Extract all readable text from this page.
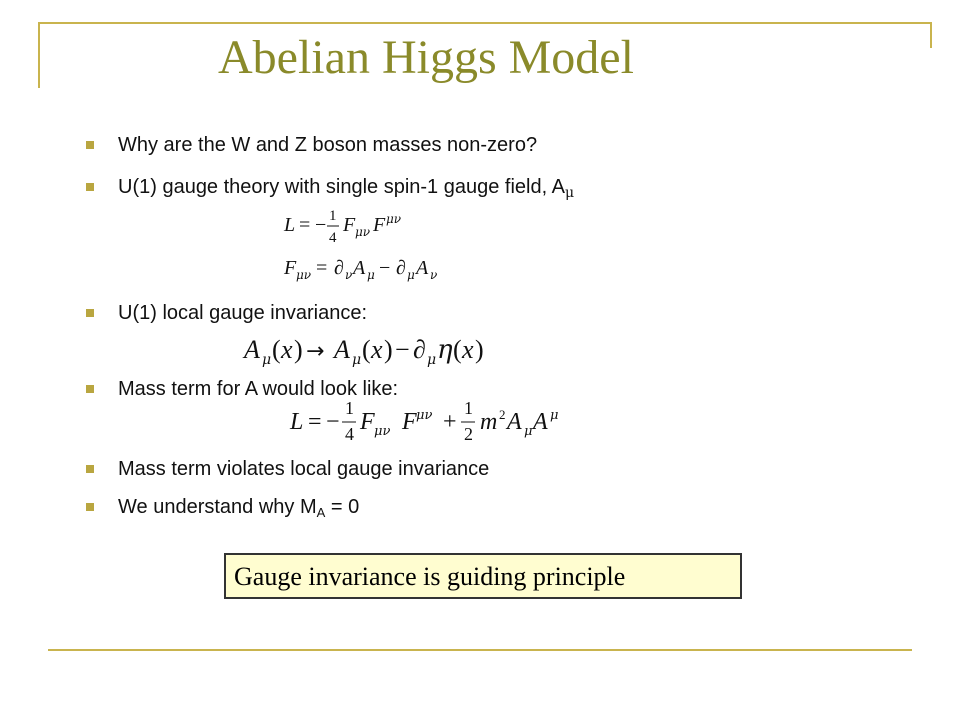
Abelian Higgs Model
Why are the W and Z boson masses non-zero?
U(1) gauge theory with single spin-1 gauge field, $A_\mu$
L = − 1
4
F μν F μν
F μν = ∂ ν A μ − ∂ μ A ν
U(1) local gauge invariance:
A μ ( x ) → A μ ( x ) − ∂ μ η ( x )
Mass term for A would look like:
L = −
1
4 F μν F μν +
1
2 m 2 A μ A μ
Mass term violates local gauge invariance
We understand why $M_A = 0$
Gauge invariance is guiding principle
